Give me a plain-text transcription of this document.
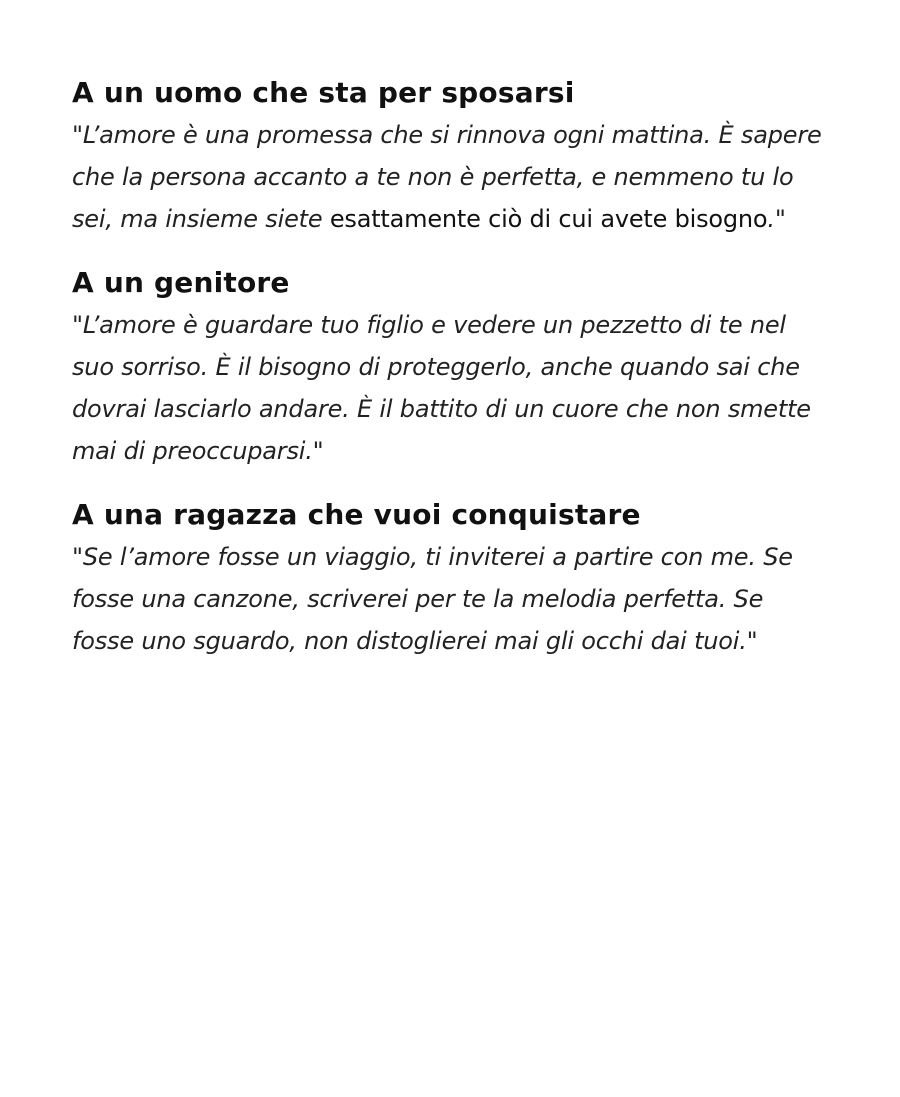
A un uomo che sta per sposarsi

"L’amore è una promessa che si rinnova ogni mattina. È sapere che la persona accanto a te non è perfetta, e nemmeno tu lo sei, ma insieme siete esattamente ciò di cui avete bisogno."

A un genitore

"L’amore è guardare tuo figlio e vedere un pezzetto di te nel suo sorriso. È il bisogno di proteggerlo, anche quando sai che dovrai lasciarlo andare. È il battito di un cuore che non smette mai di preoccuparsi."

A una ragazza che vuoi conquistare

"Se l’amore fosse un viaggio, ti inviterei a partire con me. Se fosse una canzone, scriverei per te la melodia perfetta. Se fosse uno sguardo, non distoglierei mai gli occhi dai tuoi."
